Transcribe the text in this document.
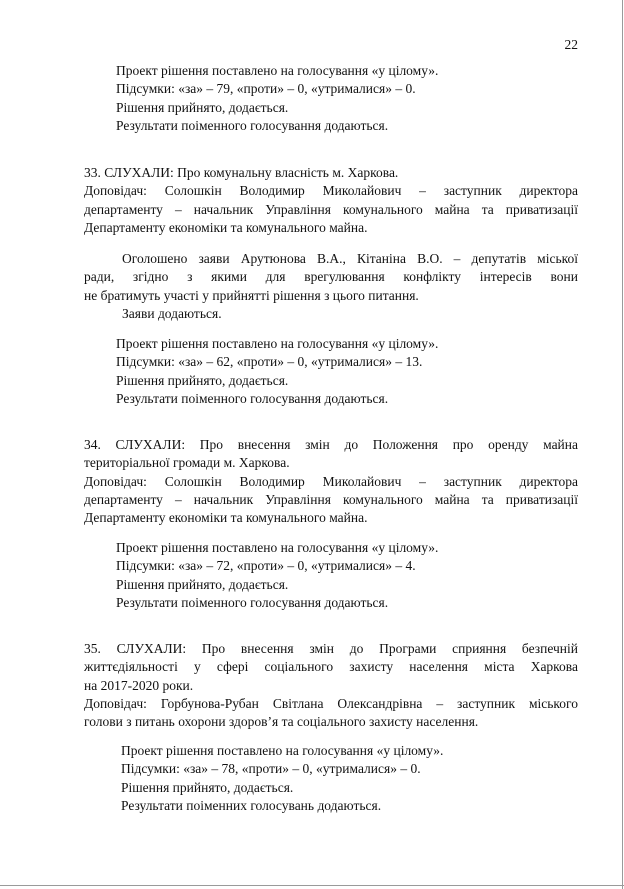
22
Проект рішення поставлено на голосування «у цілому».
Підсумки: «за» – 79, «проти» – 0, «утрималися» – 0.
Рішення прийнято, додається.
Результати поіменного голосування додаються.
33. СЛУХАЛИ: Про комунальну власність м. Харкова.
Доповідач: Солошкін Володимир Миколайович – заступник директора
департаменту – начальник Управління комунального майна та приватизації
Департаменту економіки та комунального майна.
Оголошено заяви Арутюнова В.А., Кітаніна В.О. – депутатів міської
ради, згідно з якими для врегулювання конфлікту інтересів вони
не братимуть участі у прийнятті рішення з цього питання.
Заяви додаються.
Проект рішення поставлено на голосування «у цілому».
Підсумки: «за» – 62, «проти» – 0, «утрималися» – 13.
Рішення прийнято, додається.
Результати поіменного голосування додаються.
34. СЛУХАЛИ: Про внесення змін до Положення про оренду майна
територіальної громади м. Харкова.
Доповідач: Солошкін Володимир Миколайович – заступник директора
департаменту – начальник Управління комунального майна та приватизації
Департаменту економіки та комунального майна.
Проект рішення поставлено на голосування «у цілому».
Підсумки: «за» – 72, «проти» – 0, «утрималися» – 4.
Рішення прийнято, додається.
Результати поіменного голосування додаються.
35. СЛУХАЛИ: Про внесення змін до Програми сприяння безпечній
життєдіяльності у сфері соціального захисту населення міста Харкова
на 2017-2020 роки.
Доповідач: Горбунова-Рубан Світлана Олександрівна – заступник міського
голови з питань охорони здоров’я та соціального захисту населення.
Проект рішення поставлено на голосування «у цілому».
Підсумки: «за» – 78, «проти» – 0, «утрималися» – 0.
Рішення прийнято, додається.
Результати поіменних голосувань додаються.
